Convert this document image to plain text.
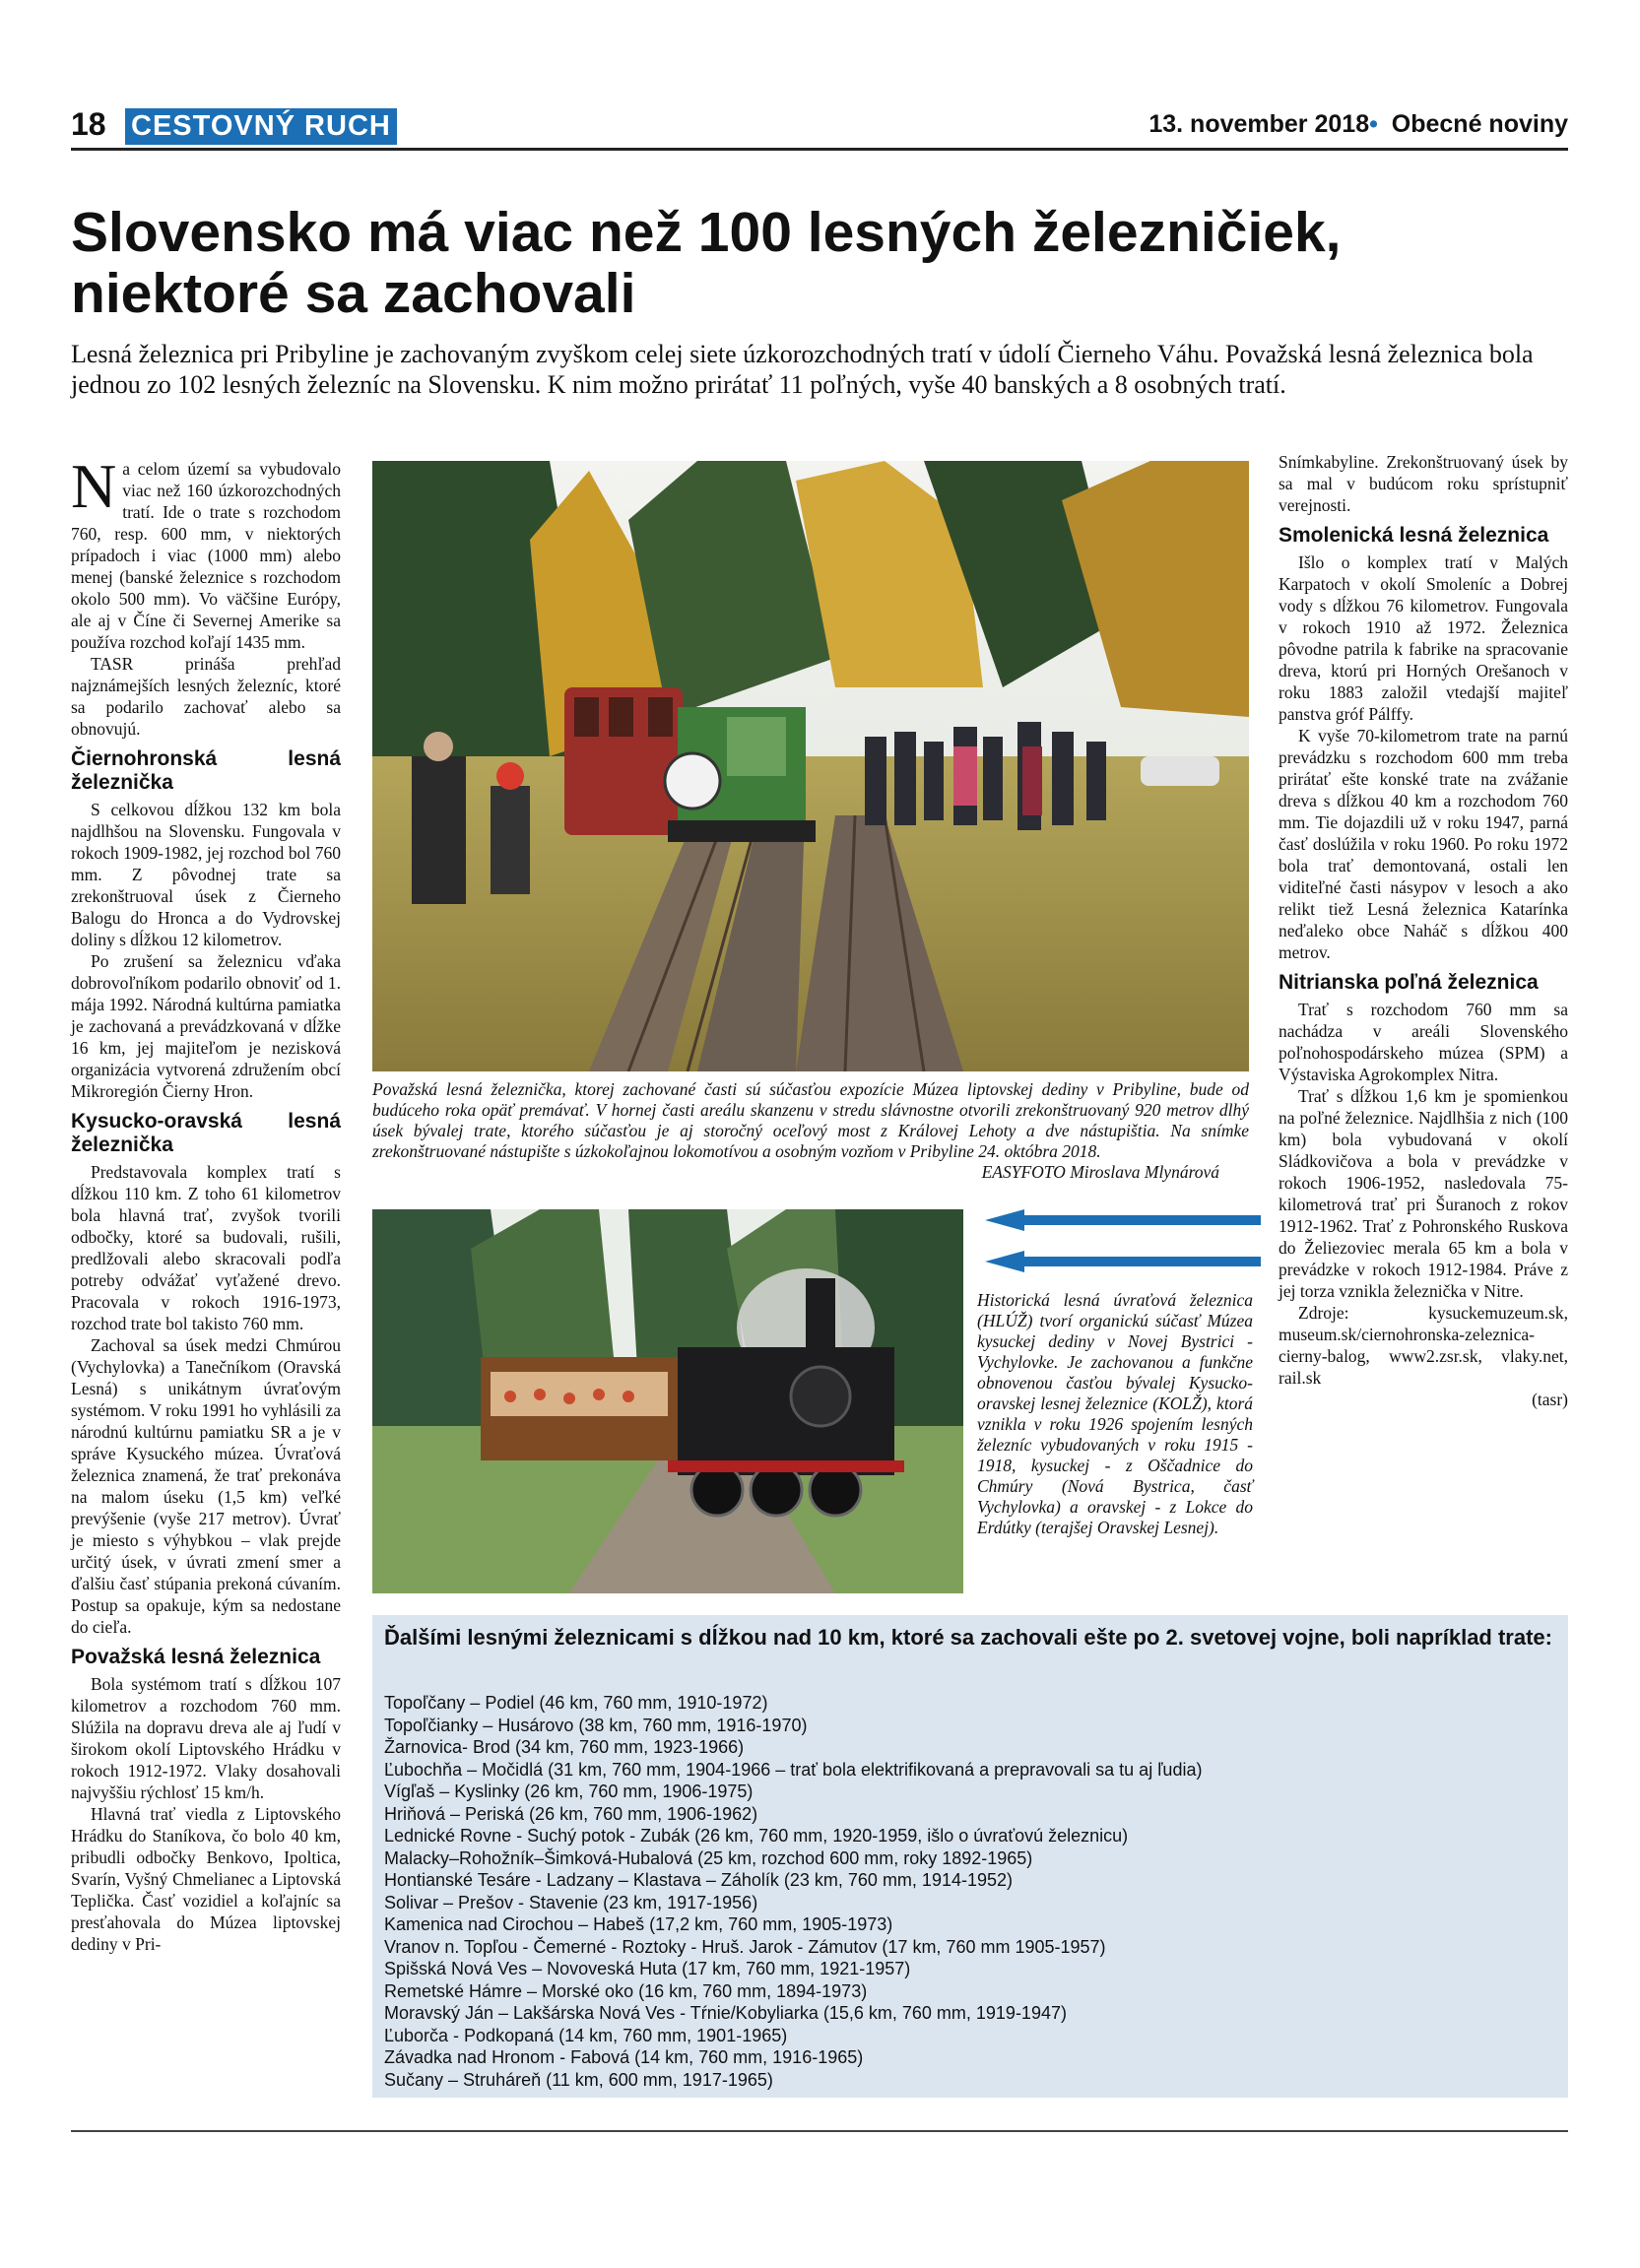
18 CESTOVNÝ RUCH	13. november 2018• Obecné noviny
Slovensko má viac než 100 lesných železničiek, niektoré sa zachovali

Lesná železnica pri Pribyline je zachovaným zvyškom celej siete úzkorozchodných tratí v údolí Čierneho Váhu. Považská lesná železnica bola jednou zo 102 lesných železníc na Slovensku. K nim možno prirátať 11 poľných, vyše 40 banských a 8 osobných tratí.

Na celom území sa vybudovalo viac než 160 úzkorozchodných tratí. Ide o trate s rozchodom 760, resp. 600 mm, v niektorých prípadoch i viac (1000 mm) alebo menej (banské železnice s rozchodom okolo 500 mm). Vo väčšine Európy, ale aj v Číne či Severnej Amerike sa používa rozchod koľají 1435 mm.

TASR prináša prehľad najznámejších lesných železníc, ktoré sa podarilo zachovať alebo sa obnovujú.

Čiernohronská lesná železnička

S celkovou dĺžkou 132 km bola najdlhšou na Slovensku. Fungovala v rokoch 1909-1982, jej rozchod bol 760 mm. Z pôvodnej trate sa zrekonštruoval úsek z Čierneho Balogu do Hronca a do Vydrovskej doliny s dĺžkou 12 kilometrov.

Po zrušení sa železnicu vďaka dobrovoľníkom podarilo obnoviť od 1. mája 1992. Národná kultúrna pamiatka je zachovaná a prevádzkovaná v dĺžke 16 km, jej majiteľom je nezisková organizácia vytvorená združením obcí Mikroregión Čierny Hron.

Kysucko-oravská lesná železnička

Predstavovala komplex tratí s dĺžkou 110 km. Z toho 61 kilometrov bola hlavná trať, zvyšok tvorili odbočky, ktoré sa budovali, rušili, predlžovali alebo skracovali podľa potreby odvážať vyťažené drevo. Pracovala v rokoch 1916-1973, rozchod trate bol takisto 760 mm.

Zachoval sa úsek medzi Chmúrou (Vychylovka) a Tanečníkom (Oravská Lesná) s unikátnym úvraťovým systémom. V roku 1991 ho vyhlásili za národnú kultúrnu pamiatku SR a je v správe Kysuckého múzea. Úvraťová železnica znamená, že trať prekonáva na malom úseku (1,5 km) veľké prevýšenie (vyše 217 metrov). Úvrať je miesto s výhybkou – vlak prejde určitý úsek, v úvrati zmení smer a ďalšiu časť stúpania prekoná cúvaním. Postup sa opakuje, kým sa nedostane do cieľa.

Považská lesná železnica

Bola systémom tratí s dĺžkou 107 kilometrov a rozchodom 760 mm. Slúžila na dopravu dreva ale aj ľudí v širokom okolí Liptovského Hrádku v rokoch 1912-1972. Vlaky dosahovali najvyššiu rýchlosť 15 km/h.

Hlavná trať viedla z Liptovského Hrádku do Staníkova, čo bolo 40 km, pribudli odbočky Benkovo, Ipoltica, Svarín, Vyšný Chmelianec a Liptovská Teplička. Časť vozidiel a koľajníc sa presťahovala do Múzea liptovskej dediny v Pri-

Považská lesná železnička, ktorej zachované časti sú súčasťou expozície Múzea liptovskej dediny v Pribyline, bude od budúceho roka opäť premávať. V hornej časti areálu skanzenu v stredu slávnostne otvorili zrekonštruovaný 920 metrov dlhý úsek bývalej trate, ktorého súčasťou je aj storočný oceľový most z Královej Lehoty a dve nástupištia. Na snímke zrekonštruované nástupište s úzkokoľajnou lokomotívou a osobným vozňom v Pribyline 24. októbra 2018.
EASYFOTO Miroslava Mlynárová
Historická lesná úvraťová železnica (HLÚŽ) tvorí organickú súčasť Múzea kysuckej dediny v Novej Bystrici - Vychylovke. Je zachovanou a funkčne obnovenou časťou bývalej Kysucko-oravskej lesnej železnice (KOLŽ), ktorá vznikla v roku 1926 spojením lesných železníc vybudovaných v roku 1915 - 1918, kysuckej - z Oščadnice do Chmúry (Nová Bystrica, časť Vychylovka) a oravskej - z Lokce do Erdútky (terajšej Oravskej Lesnej).

Snímkabyline. Zrekonštruovaný úsek by sa mal v budúcom roku sprístupniť verejnosti.

Smolenická lesná železnica

Išlo o komplex tratí v Malých Karpatoch v okolí Smoleníc a Dobrej vody s dĺžkou 76 kilometrov. Fungovala v rokoch 1910 až 1972. Železnica pôvodne patrila k fabrike na spracovanie dreva, ktorú pri Horných Orešanoch v roku 1883 založil vtedajší majiteľ panstva gróf Pálffy.

K vyše 70-kilometrom trate na parnú prevádzku s rozchodom 600 mm treba prirátať ešte konské trate na zvážanie dreva s dĺžkou 40 km a rozchodom 760 mm. Tie dojazdili už v roku 1947, parná časť doslúžila v roku 1960. Po roku 1972 bola trať demontovaná, ostali len viditeľné časti násypov v lesoch a ako relikt tiež Lesná železnica Katarínka neďaleko obce Naháč s dĺžkou 400 metrov.

Nitrianska poľná železnica

Trať s rozchodom 760 mm sa nachádza v areáli Slovenského poľnohospodárskeho múzea (SPM) a Výstaviska Agrokomplex Nitra.

Trať s dĺžkou 1,6 km je spomienkou na poľné železnice. Najdlhšia z nich (100 km) bola vybudovaná v okolí Sládkovičova a bola v prevádzke v rokoch 1906-1952, nasledovala 75-kilometrová trať pri Šuranoch z rokov 1912-1962. Trať z Pohronského Ruskova do Želiezoviec merala 65 km a bola v prevádzke v rokoch 1912-1984. Práve z jej torza vznikla železnička v Nitre.

Zdroje: kysuckemuzeum.sk, museum.sk/ciernohronska-zeleznica-cierny-balog, www2.zsr.sk, vlaky.net, rail.sk

(tasr)

Ďalšími lesnými železnicami s dĺžkou nad 10 km, ktoré sa zachovali ešte po 2. svetovej vojne, boli napríklad trate:
Topoľčany – Podiel (46 km, 760 mm, 1910-1972)
Topoľčianky – Husárovo (38 km, 760 mm, 1916-1970)
Žarnovica- Brod (34 km, 760 mm, 1923-1966)
Ľubochňa – Močidlá (31 km, 760 mm, 1904-1966 – trať bola elektrifikovaná a prepravovali sa tu aj ľudia)
Vígľaš – Kyslinky (26 km, 760 mm, 1906-1975)
Hriňová – Periská (26 km, 760 mm, 1906-1962)
Lednické Rovne - Suchý potok - Zubák (26 km, 760 mm, 1920-1959, išlo o úvraťovú železnicu)
Malacky–Rohožník–Šimková-Hubalová (25 km, rozchod 600 mm, roky 1892-1965)
Hontianské Tesáre - Ladzany – Klastava – Záholík (23 km, 760 mm, 1914-1952)
Solivar – Prešov - Stavenie (23 km, 1917-1956)
Kamenica nad Cirochou – Habeš (17,2 km, 760 mm, 1905-1973)
Vranov n. Topľou - Čemerné - Roztoky - Hruš. Jarok - Zámutov (17 km, 760 mm 1905-1957)
Spišská Nová Ves – Novoveská Huta (17 km, 760 mm, 1921-1957)
Remetské Hámre – Morské oko (16 km, 760 mm, 1894-1973)
Moravský Ján – Lakšárska Nová Ves - Tŕnie/Kobyliarka (15,6 km, 760 mm, 1919-1947)
Ľuborča - Podkopaná (14 km, 760 mm, 1901-1965)
Závadka nad Hronom - Fabová (14 km, 760 mm, 1916-1965)
Sučany – Struháreň (11 km, 600 mm, 1917-1965)
